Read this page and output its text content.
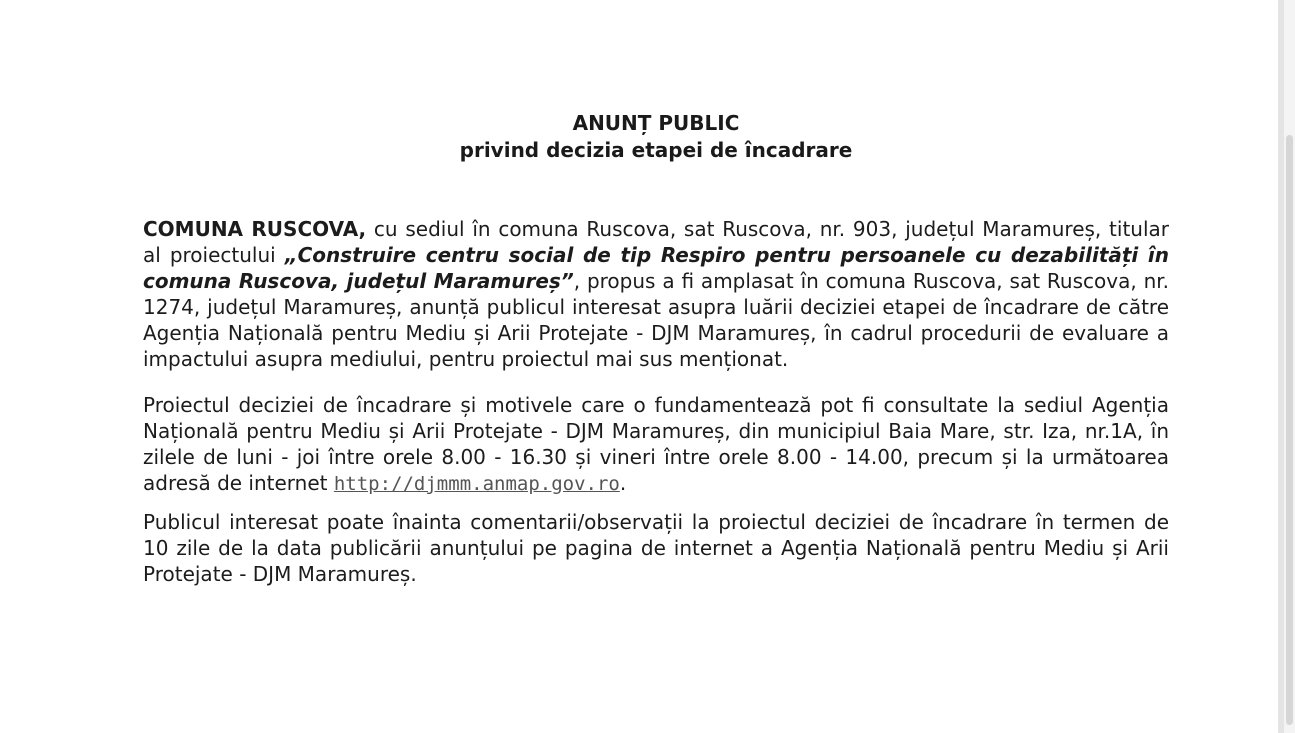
ANUNȚ PUBLIC
privind decizia etapei de încadrare

COMUNA RUSCOVA, cu sediul în comuna Ruscova, sat Ruscova, nr. 903, județul Maramureș, titular al proiectului „Construire centru social de tip Respiro pentru persoanele cu dezabilități în comuna Ruscova, județul Maramureș”, propus a fi amplasat în comuna Ruscova, sat Ruscova, nr. 1274, județul Maramureș, anunță publicul interesat asupra luării deciziei etapei de încadrare de către Agenția Națională pentru Mediu și Arii Protejate - DJM Maramureș, în cadrul procedurii de evaluare a impactului asupra mediului, pentru proiectul mai sus menționat.

Proiectul deciziei de încadrare și motivele care o fundamentează pot fi consultate la sediul Agenția Națională pentru Mediu și Arii Protejate - DJM Maramureș, din municipiul Baia Mare, str. Iza, nr.1A, în zilele de luni - joi între orele 8.00 - 16.30 și vineri între orele 8.00 - 14.00, precum și la următoarea adresă de internet http://djmmm.anmap.gov.ro.

Publicul interesat poate înainta comentarii/observații la proiectul deciziei de încadrare în termen de 10 zile de la data publicării anunțului pe pagina de internet a Agenția Națională pentru Mediu și Arii Protejate - DJM Maramureș.
